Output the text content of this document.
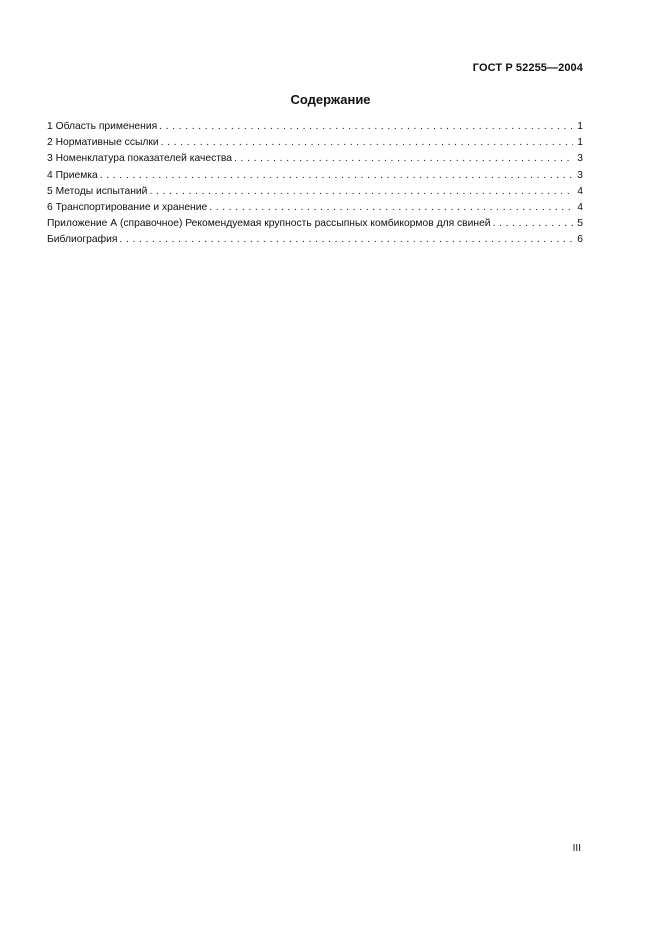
ГОСТ Р 52255—2004
Содержание
1 Область применения . . .	1
2 Нормативные ссылки . . .	1
3 Номенклатура показателей качества . . .	3
4 Приемка . . .	3
5 Методы испытаний . . .	4
6 Транспортирование и хранение . . .	4
Приложение А (справочное) Рекомендуемая крупность рассыпных комбикормов для свиней . . .	5
Библиография . . .	6
III
